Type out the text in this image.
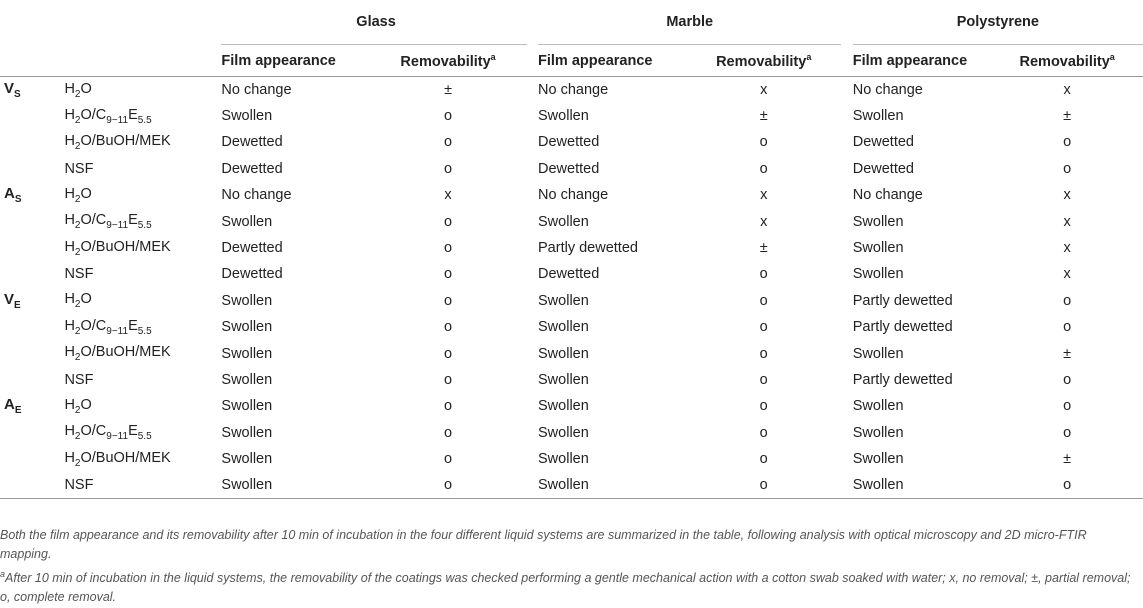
		Glass			Marble			Polystyrene	
		Film appearance	Removability$^a$		Film appearance	Removability$^a$		Film appearance	Removability$^a$
$V_S$	$H_2O$	No change	±		No change	x		No change	x
	$H_2O/C_{9-11}E_{5.5}$	Swollen	o		Swollen	±		Swollen	±
	$H_2O/BuOH$/MEK	Dewetted	o		Dewetted	o		Dewetted	o
	NSF	Dewetted	o		Dewetted	o		Dewetted	o
$A_S$	$H_2O$	No change	x		No change	x		No change	x
	$H_2O/C_{9-11}E_{5.5}$	Swollen	o		Swollen	x		Swollen	x
	$H_2O/BuOH$/MEK	Dewetted	o		Partly dewetted	±		Swollen	x
	NSF	Dewetted	o		Dewetted	o		Swollen	x
$V_E$	$H_2O$	Swollen	o		Swollen	o		Partly dewetted	o
	$H_2O/C_{9-11}E_{5.5}$	Swollen	o		Swollen	o		Partly dewetted	o
	$H_2O/BuOH$/MEK	Swollen	o		Swollen	o		Swollen	±
	NSF	Swollen	o		Swollen	o		Partly dewetted	o
$A_E$	$H_2O$	Swollen	o		Swollen	o		Swollen	o
	$H_2O/C_{9-11}E_{5.5}$	Swollen	o		Swollen	o		Swollen	o
	$H_2O/BuOH$/MEK	Swollen	o		Swollen	o		Swollen	±
	NSF	Swollen	o		Swollen	o		Swollen	o

Both the film appearance and its removability after 10 min of incubation in the four different liquid systems are summarized in the table, following analysis with optical microscopy and 2D micro-FTIR mapping.

$^a$After 10 min of incubation in the liquid systems, the removability of the coatings was checked performing a gentle mechanical action with a cotton swab soaked with water; x, no removal; ±, partial removal; o, complete removal.
